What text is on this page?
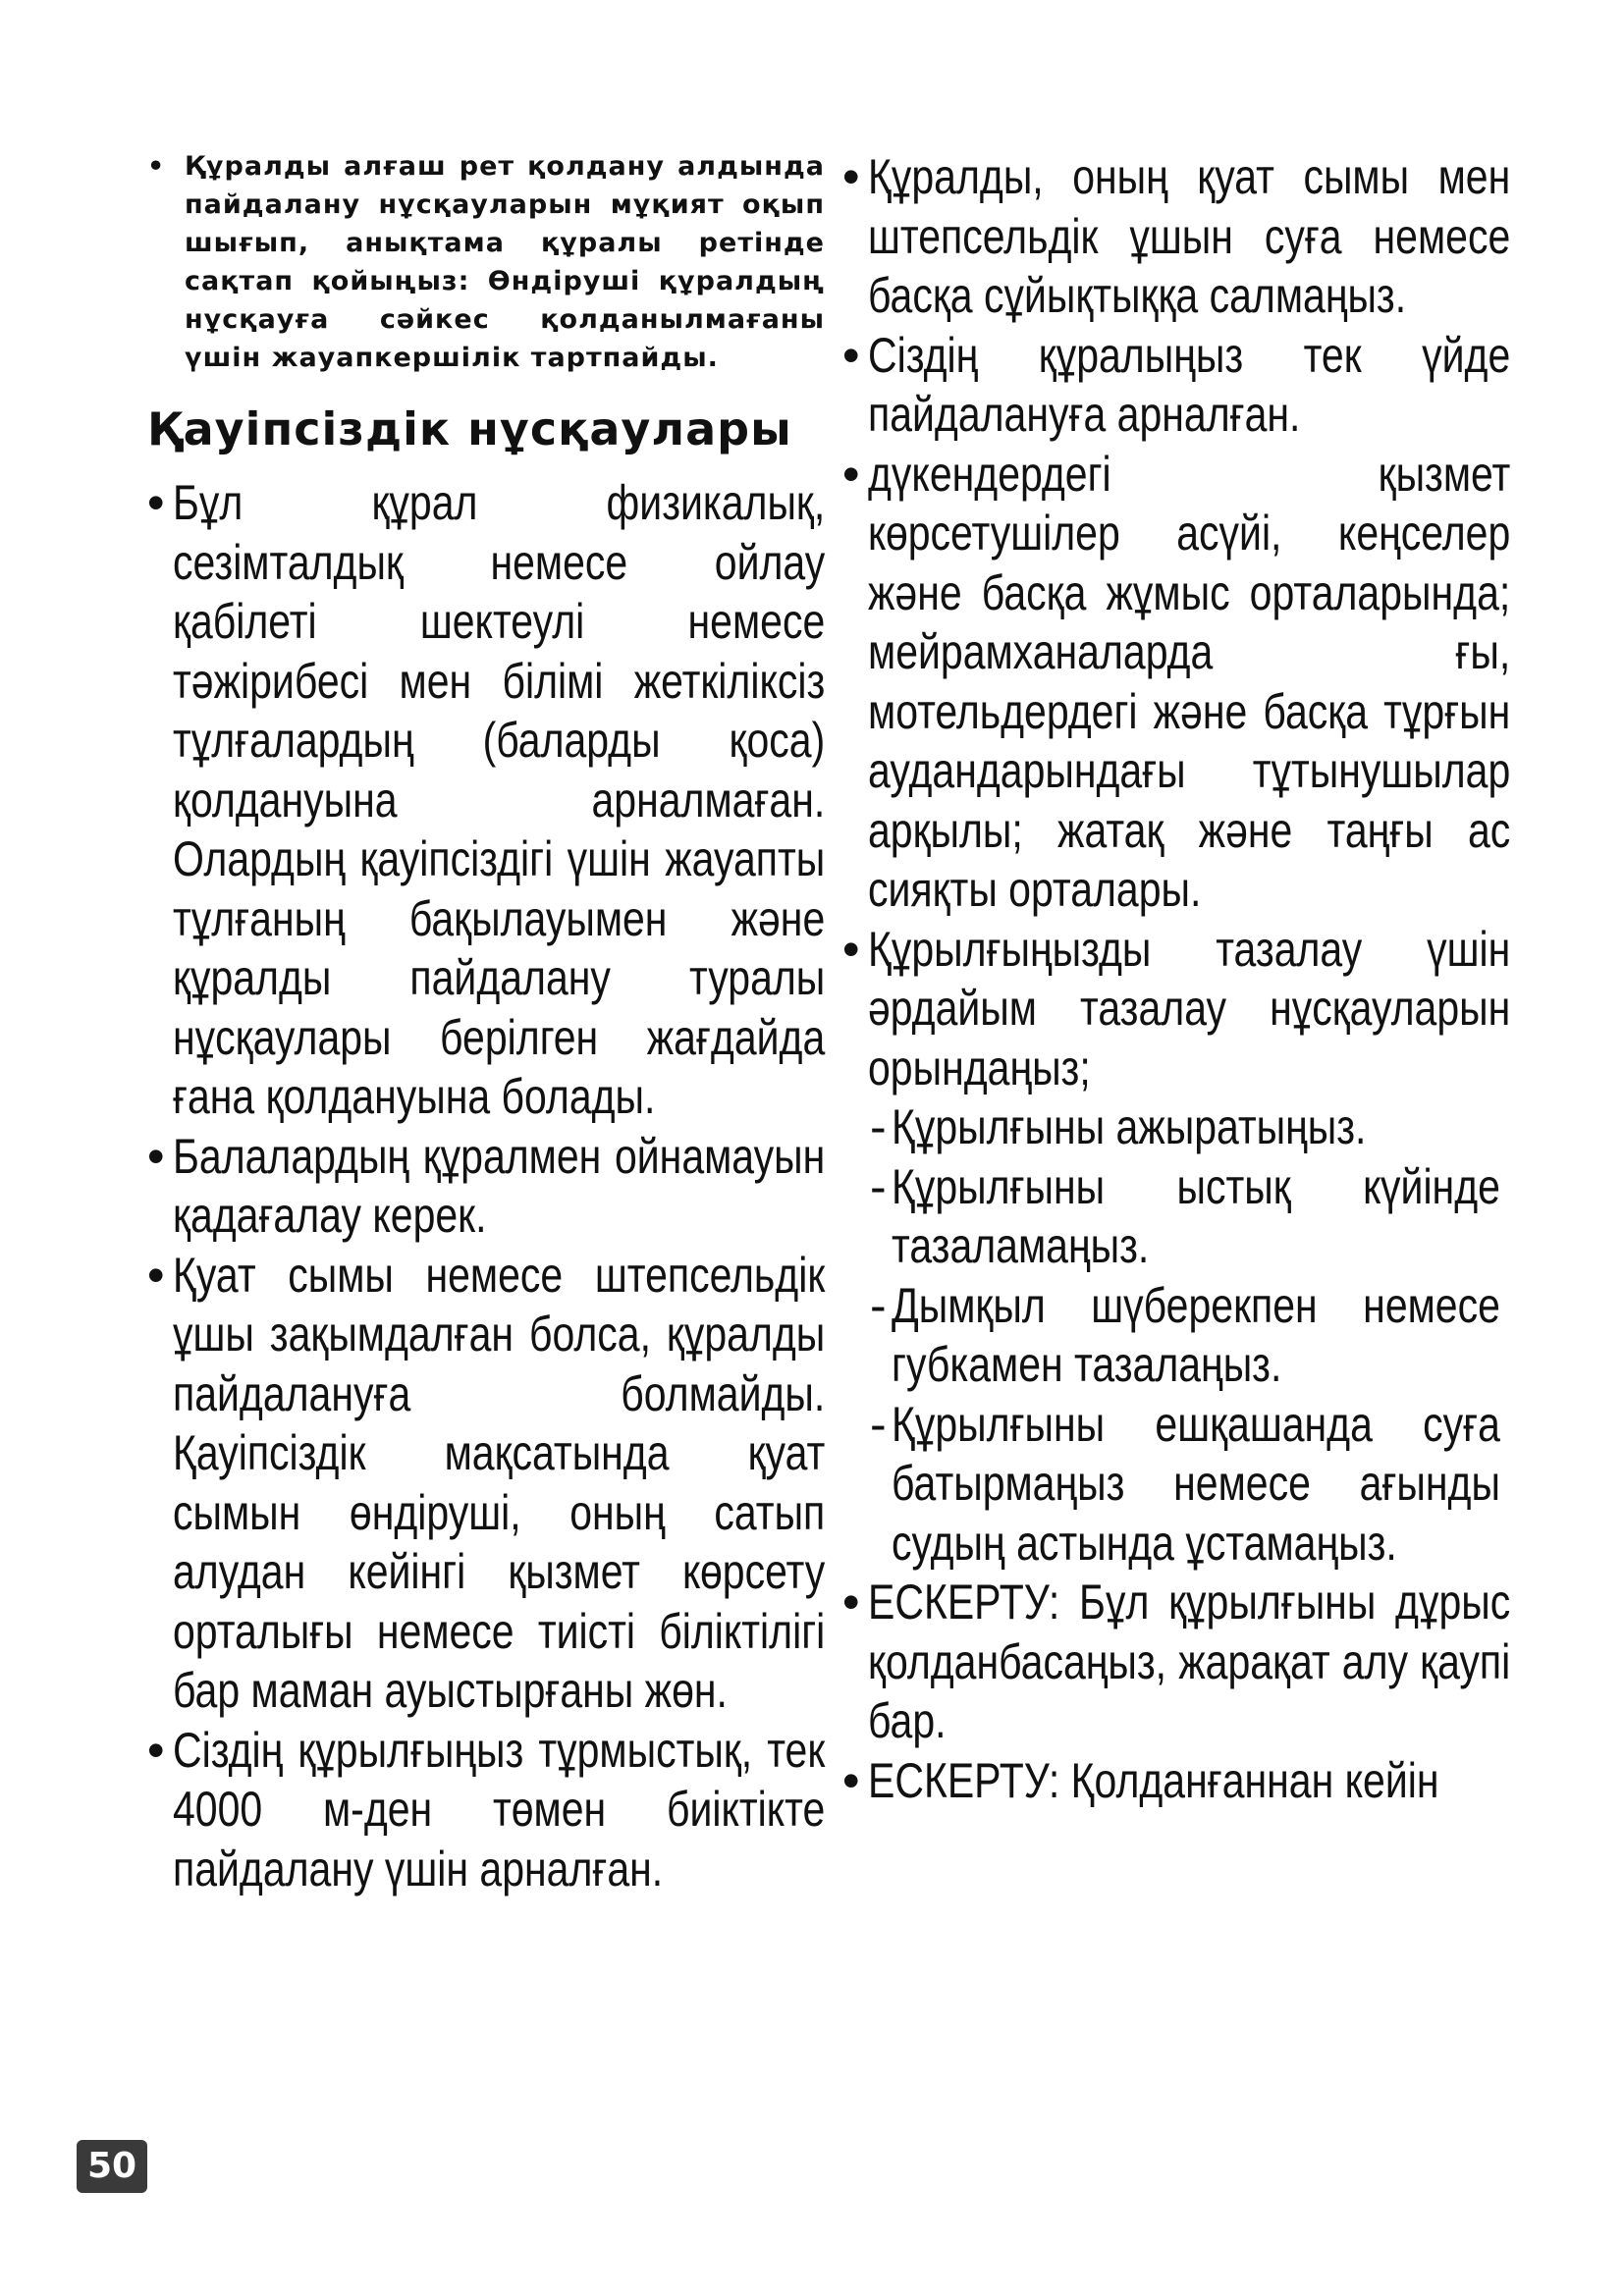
• Құралды алғаш рет қолдану алдында пайдалану нұсқауларын мұқият оқып шығып, анықтама құралы ретінде сақтап қойыңыз: Өндіруші құралдың нұсқауға сәйкес қолданылмағаны үшін жауапкершілік тартпайды.
Қауіпсіздік нұсқаулары
• Бұл құрал физикалық, сезімталдық немесе ойлау қабілеті шектеулі немесе тәжірибесі мен білімі жеткіліксіз тұлғалардың (баларды қоса) қолдануына арналмаған. Олардың қауіпсіздігі үшін жауапты тұлғаның бақылауымен және құралды пайдалану туралы нұсқаулары берілген жағдайда ғана қолдануына болады.
• Балалардың құралмен ойнамауын қадағалау керек.
• Қуат сымы немесе штепсельдік ұшы зақымдалған болса, құралды пайдалануға болмайды. Қауіпсіздік мақсатында қуат сымын өндіруші, оның сатып алудан кейінгі қызмет көрсету орталығы немесе тиісті біліктілігі бар маман ауыстырғаны жөн.
• Сіздің құрылғыңыз тұрмыстық, тек 4000 м-ден төмен биіктікте пайдалану үшін арналған.
• Құралды, оның қуат сымы мен штепсельдік ұшын суға немесе басқа сұйықтыққа салмаңыз.
• Сіздің құралыңыз тек үйде пайдалануға арналған.
• дүкендердегі қызмет көрсетушілер асүйі, кеңселер және басқа жұмыс орталарында; мейрамханаларда ғы, мотельдердегі және басқа тұрғын аудандарындағы тұтынушылар арқылы; жатақ және таңғы ас сияқты орталары.
• Құрылғыңызды тазалау үшін әрдайым тазалау нұсқауларын орындаңыз;
- Құрылғыны ажыратыңыз.
- Құрылғыны ыстық күйінде тазаламаңыз.
- Дымқыл шүберекпен немесе губкамен тазалаңыз.
- Құрылғыны ешқашанда суға батырмаңыз немесе ағынды судың астында ұстамаңыз.
• ЕСКЕРТУ: Бұл құрылғыны дұрыс қолданбасаңыз, жарақат алу қаупі бар.
• ЕСКЕРТУ: Қолданғаннан кейін
50
